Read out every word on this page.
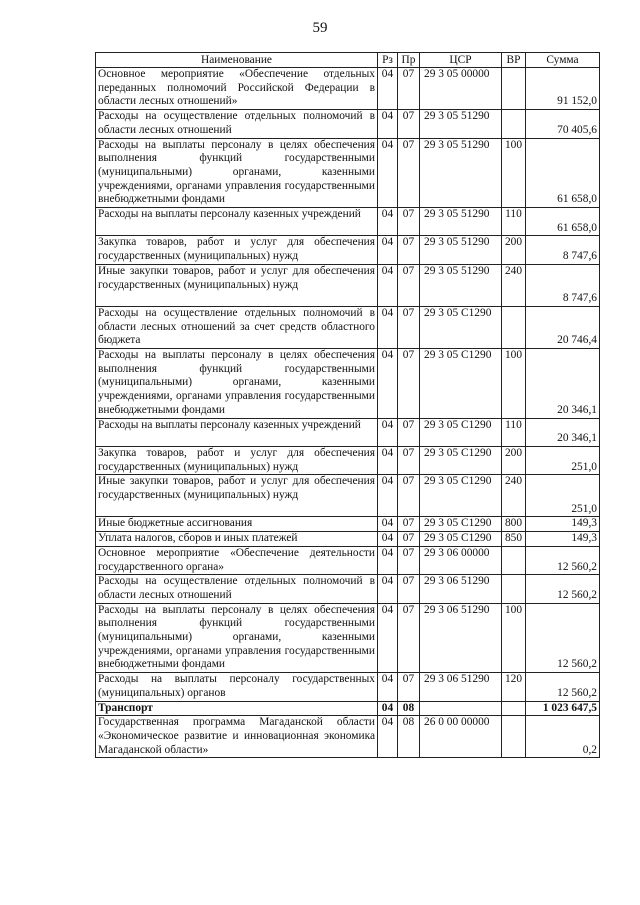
59
Наименование	Рз	Пр	ЦСР	ВР	Сумма
Основное мероприятие «Обеспечение отдельных переданных полномочий Российской Федерации в области лесных отношений»	04	07	29 3 05 00000		91 152,0
Расходы на осуществление отдельных полномочий в области лесных отношений	04	07	29 3 05 51290		70 405,6
Расходы на выплаты персоналу в целях обеспечения выполнения функций государственными (муниципальными) органами, казенными учреждениями, органами управления государственными внебюджетными фондами	04	07	29 3 05 51290	100	61 658,0
Расходы на выплаты персоналу казенных учреждений	04	07	29 3 05 51290	110	61 658,0
Закупка товаров, работ и услуг для обеспечения государственных (муниципальных) нужд	04	07	29 3 05 51290	200	8 747,6
Иные закупки товаров, работ и услуг для обеспечения государственных (муниципальных) нужд	04	07	29 3 05 51290	240	8 747,6
Расходы на осуществление отдельных полномочий в области лесных отношений за счет средств областного бюджета	04	07	29 3 05 С1290		20 746,4
Расходы на выплаты персоналу в целях обеспечения выполнения функций государственными (муниципальными) органами, казенными учреждениями, органами управления государственными внебюджетными фондами	04	07	29 3 05 С1290	100	20 346,1
Расходы на выплаты персоналу казенных учреждений	04	07	29 3 05 С1290	110	20 346,1
Закупка товаров, работ и услуг для обеспечения государственных (муниципальных) нужд	04	07	29 3 05 С1290	200	251,0
Иные закупки товаров, работ и услуг для обеспечения государственных (муниципальных) нужд	04	07	29 3 05 С1290	240	251,0
Иные бюджетные ассигнования	04	07	29 3 05 С1290	800	149,3
Уплата налогов, сборов и иных платежей	04	07	29 3 05 С1290	850	149,3
Основное мероприятие «Обеспечение деятельности государственного органа»	04	07	29 3 06 00000		12 560,2
Расходы на осуществление отдельных полномочий в области лесных отношений	04	07	29 3 06 51290		12 560,2
Расходы на выплаты персоналу в целях обеспечения выполнения функций государственными (муниципальными) органами, казенными учреждениями, органами управления государственными внебюджетными фондами	04	07	29 3 06 51290	100	12 560,2
Расходы на выплаты персоналу государственных (муниципальных) органов	04	07	29 3 06 51290	120	12 560,2
Транспорт	04	08			1 023 647,5
Государственная программа Магаданской области «Экономическое развитие и инновационная экономика Магаданской области»	04	08	26 0 00 00000		0,2
